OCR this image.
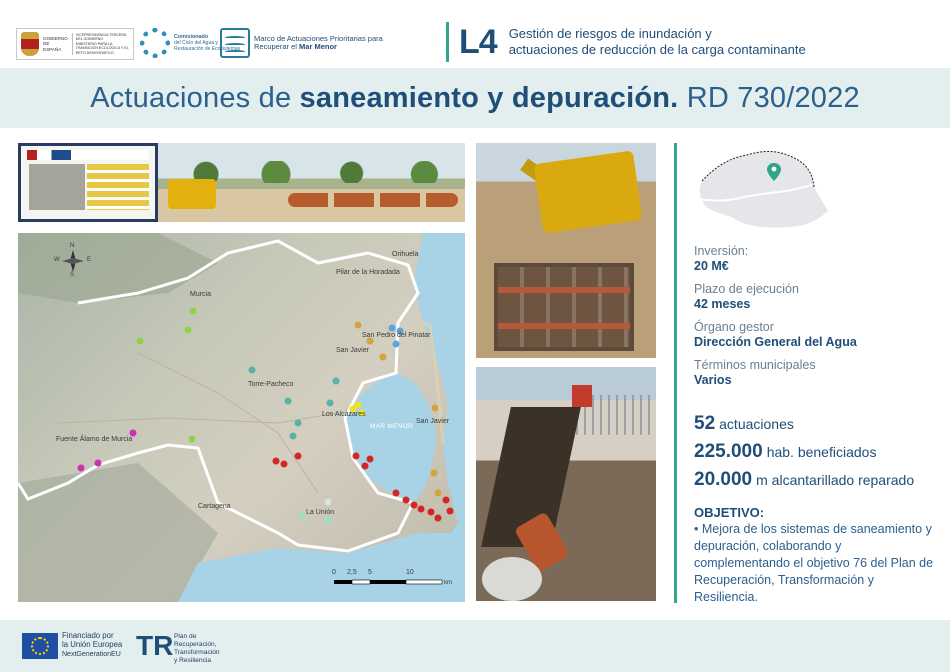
GOBIERNO DE ESPAÑA
VICEPRESIDENCIA TERCERA DEL GOBIERNO
MINISTERIO PARA LA TRANSICIÓN ECOLÓGICA Y EL RETO DEMOGRÁFICO
Comisionado
del Ciclo del Agua y Restauración de Ecosistemas
Marco de Actuaciones Prioritarias para Recuperar el Mar Menor	L4 Gestión de riesgos de inundación y
actuaciones de reducción de la carga contaminante
Actuaciones de saneamiento y depuración. RD 730/2022
Murcia
Orihuela
Pilar de la Horadada
San Pedro del Pinatar
San Javier
Torre-Pacheco
Los Alcázares
San Javier
Fuente Álamo de Murcia
Cartagena
La Unión
MAR MENOR
N
S
E
W
0 2,5 5	10
km
Inversión:
20 M€
Plazo de ejecución
42 meses
Órgano gestor
Dirección General del Agua
Términos municipales
Varios
52 actuaciones
225.000 hab. beneficiados
20.000 m alcantarillado reparado
OBJETIVO:
• Mejora de los sistemas de saneamiento y depuración, colaborando y complementando el objetivo 76 del Plan de Recuperación, Transformación y Resiliencia.
Financiado por
la Unión Europea
NextGenerationEU TR Plan de
Recuperación,
Transformación
y Resiliencia
